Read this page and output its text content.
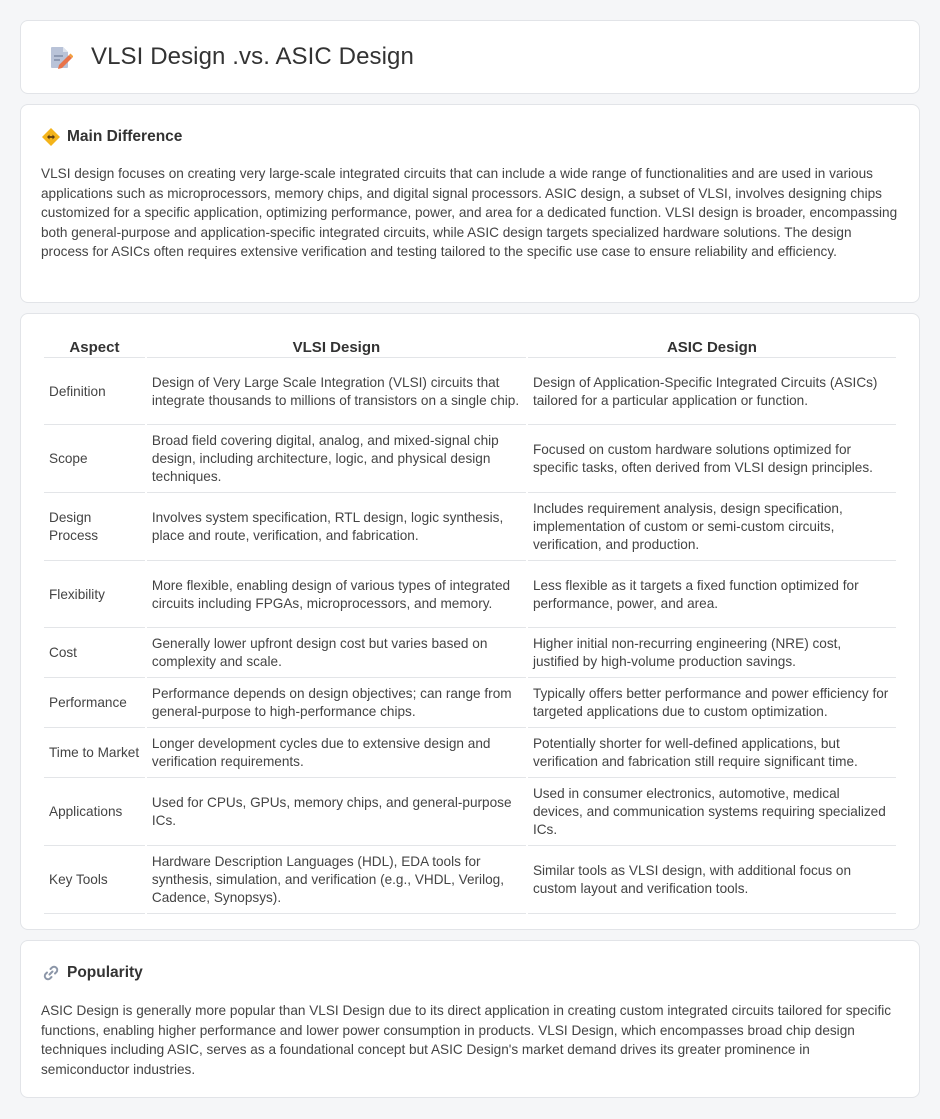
VLSI Design .vs. ASIC Design
Main Difference

VLSI design focuses on creating very large-scale integrated circuits that can include a wide range of functionalities and are used in various applications such as microprocessors, memory chips, and digital signal processors. ASIC design, a subset of VLSI, involves designing chips customized for a specific application, optimizing performance, power, and area for a dedicated function. VLSI design is broader, encompassing both general-purpose and application-specific integrated circuits, while ASIC design targets specialized hardware solutions. The design process for ASICs often requires extensive verification and testing tailored to the specific use case to ensure reliability and efficiency.

Aspect	VLSI Design	ASIC Design
Definition	Design of Very Large Scale Integration (VLSI) circuits that integrate thousands to millions of transistors on a single chip.	Design of Application-Specific Integrated Circuits (ASICs) tailored for a particular application or function.
Scope	Broad field covering digital, analog, and mixed-signal chip design, including architecture, logic, and physical design techniques.	Focused on custom hardware solutions optimized for specific tasks, often derived from VLSI design principles.
Design Process	Involves system specification, RTL design, logic synthesis, place and route, verification, and fabrication.	Includes requirement analysis, design specification, implementation of custom or semi-custom circuits, verification, and production.
Flexibility	More flexible, enabling design of various types of integrated circuits including FPGAs, microprocessors, and memory.	Less flexible as it targets a fixed function optimized for performance, power, and area.
Cost	Generally lower upfront design cost but varies based on complexity and scale.	Higher initial non-recurring engineering (NRE) cost, justified by high-volume production savings.
Performance	Performance depends on design objectives; can range from general-purpose to high-performance chips.	Typically offers better performance and power efficiency for targeted applications due to custom optimization.
Time to Market	Longer development cycles due to extensive design and verification requirements.	Potentially shorter for well-defined applications, but verification and fabrication still require significant time.
Applications	Used for CPUs, GPUs, memory chips, and general-purpose ICs.	Used in consumer electronics, automotive, medical devices, and communication systems requiring specialized ICs.
Key Tools	Hardware Description Languages (HDL), EDA tools for synthesis, simulation, and verification (e.g., VHDL, Verilog, Cadence, Synopsys).	Similar tools as VLSI design, with additional focus on custom layout and verification tools.
Popularity

ASIC Design is generally more popular than VLSI Design due to its direct application in creating custom integrated circuits tailored for specific functions, enabling higher performance and lower power consumption in products. VLSI Design, which encompasses broad chip design techniques including ASIC, serves as a foundational concept but ASIC Design's market demand drives its greater prominence in semiconductor industries.
